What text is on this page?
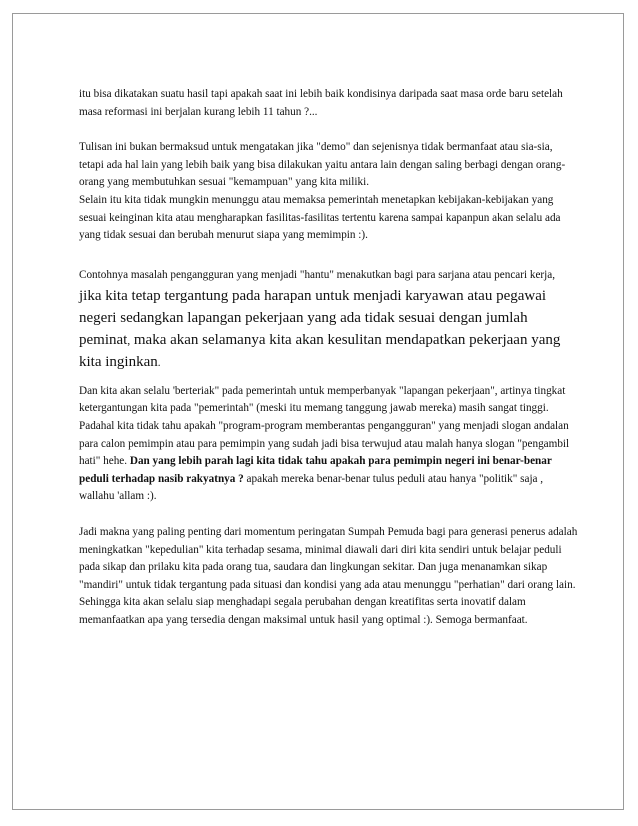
itu bisa dikatakan suatu hasil tapi apakah saat ini lebih baik kondisinya daripada saat masa orde baru setelah masa reformasi ini berjalan kurang lebih 11 tahun ?...

Tulisan ini bukan bermaksud untuk mengatakan jika "demo" dan sejenisnya tidak bermanfaat atau sia-sia, tetapi ada hal lain yang lebih baik yang bisa dilakukan yaitu antara lain dengan saling berbagi dengan orang-orang yang membutuhkan sesuai "kemampuan" yang kita miliki.

Selain itu kita tidak mungkin menunggu atau memaksa pemerintah menetapkan kebijakan-kebijakan yang sesuai keinginan kita atau mengharapkan fasilitas-fasilitas tertentu karena sampai kapanpun akan selalu ada yang tidak sesuai dan berubah menurut siapa yang memimpin :).

Contohnya masalah pengangguran yang menjadi "hantu" menakutkan bagi para sarjana atau pencari kerja, jika kita tetap tergantung pada harapan untuk menjadi karyawan atau pegawai negeri sedangkan lapangan pekerjaan yang ada tidak sesuai dengan jumlah peminat, maka akan selamanya kita akan kesulitan mendapatkan pekerjaan yang kita inginkan.

Dan kita akan selalu 'berteriak" pada pemerintah untuk memperbanyak "lapangan pekerjaan", artinya tingkat ketergantungan kita pada "pemerintah" (meski itu memang tanggung jawab mereka) masih sangat tinggi. Padahal kita tidak tahu apakah "program-program memberantas pengangguran" yang menjadi slogan andalan para calon pemimpin atau para pemimpin yang sudah jadi bisa terwujud atau malah hanya slogan "pengambil hati" hehe. Dan yang lebih parah lagi kita tidak tahu apakah para pemimpin negeri ini benar-benar peduli terhadap nasib rakyatnya ? apakah mereka benar-benar tulus peduli atau hanya "politik" saja , wallahu 'allam :).

Jadi makna yang paling penting dari momentum peringatan Sumpah Pemuda bagi para generasi penerus adalah meningkatkan "kepedulian" kita terhadap sesama, minimal diawali dari diri kita sendiri untuk belajar peduli pada sikap dan prilaku kita pada orang tua, saudara dan lingkungan sekitar. Dan juga menanamkan sikap "mandiri" untuk tidak tergantung pada situasi dan kondisi yang ada atau menunggu "perhatian" dari orang lain. Sehingga kita akan selalu siap menghadapi segala perubahan dengan kreatifitas serta inovatif dalam memanfaatkan apa yang tersedia dengan maksimal untuk hasil yang optimal :). Semoga bermanfaat.
